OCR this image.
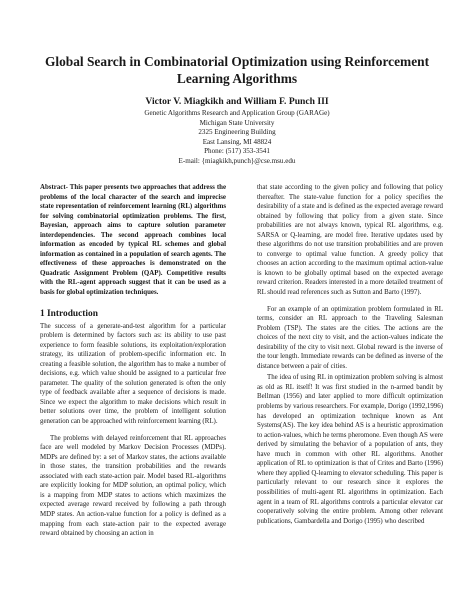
Global Search in Combinatorial Optimization using Reinforcement
Learning Algorithms
Victor V. Miagkikh and William F. Punch III
Genetic Algorithms Research and Application Group (GARAGe)
Michigan State University
2325 Engineering Building
East Lansing, MI 48824
Phone: (517) 353-3541
E-mail: {miagkikh,punch}@cse.msu.edu

Abstract- This paper presents two approaches that address the problems of the local character of the search and imprecise state representation of reinforcement learning (RL) algorithms for solving combinatorial optimization problems. The first, Bayesian, approach aims to capture solution parameter interdependencies. The second approach combines local information as encoded by typical RL schemes and global information as contained in a population of search agents. The effectiveness of these approaches is demonstrated on the Quadratic Assignment Problem (QAP). Competitive results with the RL-agent approach suggest that it can be used as a basis for global optimization techniques.

1 Introduction

The success of a generate-and-test algorithm for a particular problem is determined by factors such as: its ability to use past experience to form feasible solutions, its exploitation/exploration strategy, its utilization of problem-specific information etc. In creating a feasible solution, the algorithm has to make a number of decisions, e.g. which value should be assigned to a particular free parameter. The quality of the solution generated is often the only type of feedback available after a sequence of decisions is made. Since we expect the algorithm to make decisions which result in better solutions over time, the problem of intelligent solution generation can be approached with reinforcement learning (RL).

The problems with delayed reinforcement that RL approaches face are well modeled by Markov Decision Processes (MDPs). MDPs are defined by: a set of Markov states, the actions available in those states, the transition probabilities and the rewards associated with each state-action pair. Model based RL-algorithms are explicitly looking for MDP solution, an optimal policy, which is a mapping from MDP states to actions which maximizes the expected average reward received by following a path through MDP states. An action-value function for a policy is defined as a mapping from each state-action pair to the expected average reward obtained by choosing an action in

that state according to the given policy and following that policy thereafter. The state-value function for a policy specifies the desirability of a state and is defined as the expected average reward obtained by following that policy from a given state. Since probabilities are not always known, typical RL algorithms, e.g. SARSA or Q-learning, are model free. Iterative updates used by these algorithms do not use transition probabilities and are proven to converge to optimal value function. A greedy policy that chooses an action according to the maximum optimal action-value is known to be globally optimal based on the expected average reward criterion. Readers interested in a more detailed treatment of RL should read references such as Sutton and Barto (1997).

For an example of an optimization problem formulated in RL terms, consider an RL approach to the Traveling Salesman Problem (TSP). The states are the cities. The actions are the choices of the next city to visit, and the action-values indicate the desirability of the city to visit next. Global reward is the inverse of the tour length. Immediate rewards can be defined as inverse of the distance between a pair of cities.

The idea of using RL in optimization problem solving is almost as old as RL itself! It was first studied in the n-armed bandit by Bellman (1956) and later applied to more difficult optimization problems by various researchers. For example, Dorigo (1992,1996) has developed an optimization technique known as Ant Systems(AS). The key idea behind AS is a heuristic approximation to action-values, which he terms pheromone. Even though AS were derived by simulating the behavior of a population of ants, they have much in common with other RL algorithms. Another application of RL to optimization is that of Crites and Barto (1996) where they applied Q-learning to elevator scheduling. This paper is particularly relevant to our research since it explores the possibilities of multi-agent RL algorithms in optimization. Each agent in a team of RL algorithms controls a particular elevator car cooperatively solving the entire problem. Among other relevant publications, Gambardella and Dorigo (1995) who described
